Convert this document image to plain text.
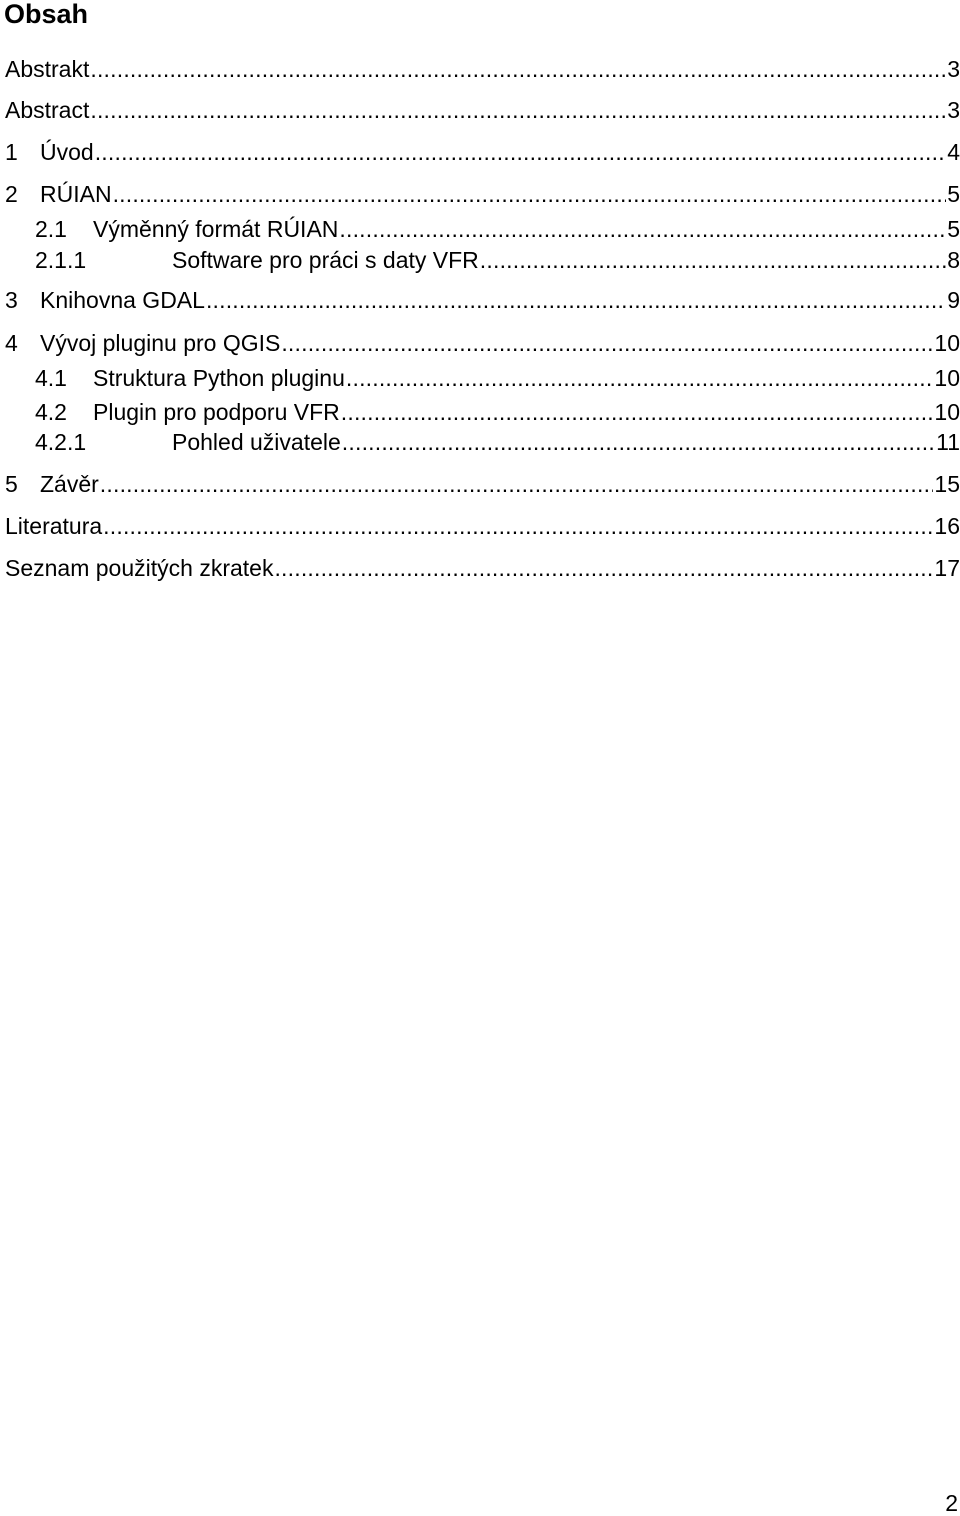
Obsah
Abstrakt .....	3
Abstract .....	3
1 Úvod .....	4
2 RÚIAN .....	5
2.1	Výměnný formát RÚIAN .....	5
2.1.1	Software pro práci s daty VFR .....	8
3 Knihovna GDAL .....	9
4 Vývoj pluginu pro QGIS .....	10
4.1	Struktura Python pluginu .....	10
4.2	Plugin pro podporu VFR .....	10
4.2.1	Pohled uživatele .....	11
5 Závěr .....	15
Literatura .....	16
Seznam použitých zkratek .....	17
2
